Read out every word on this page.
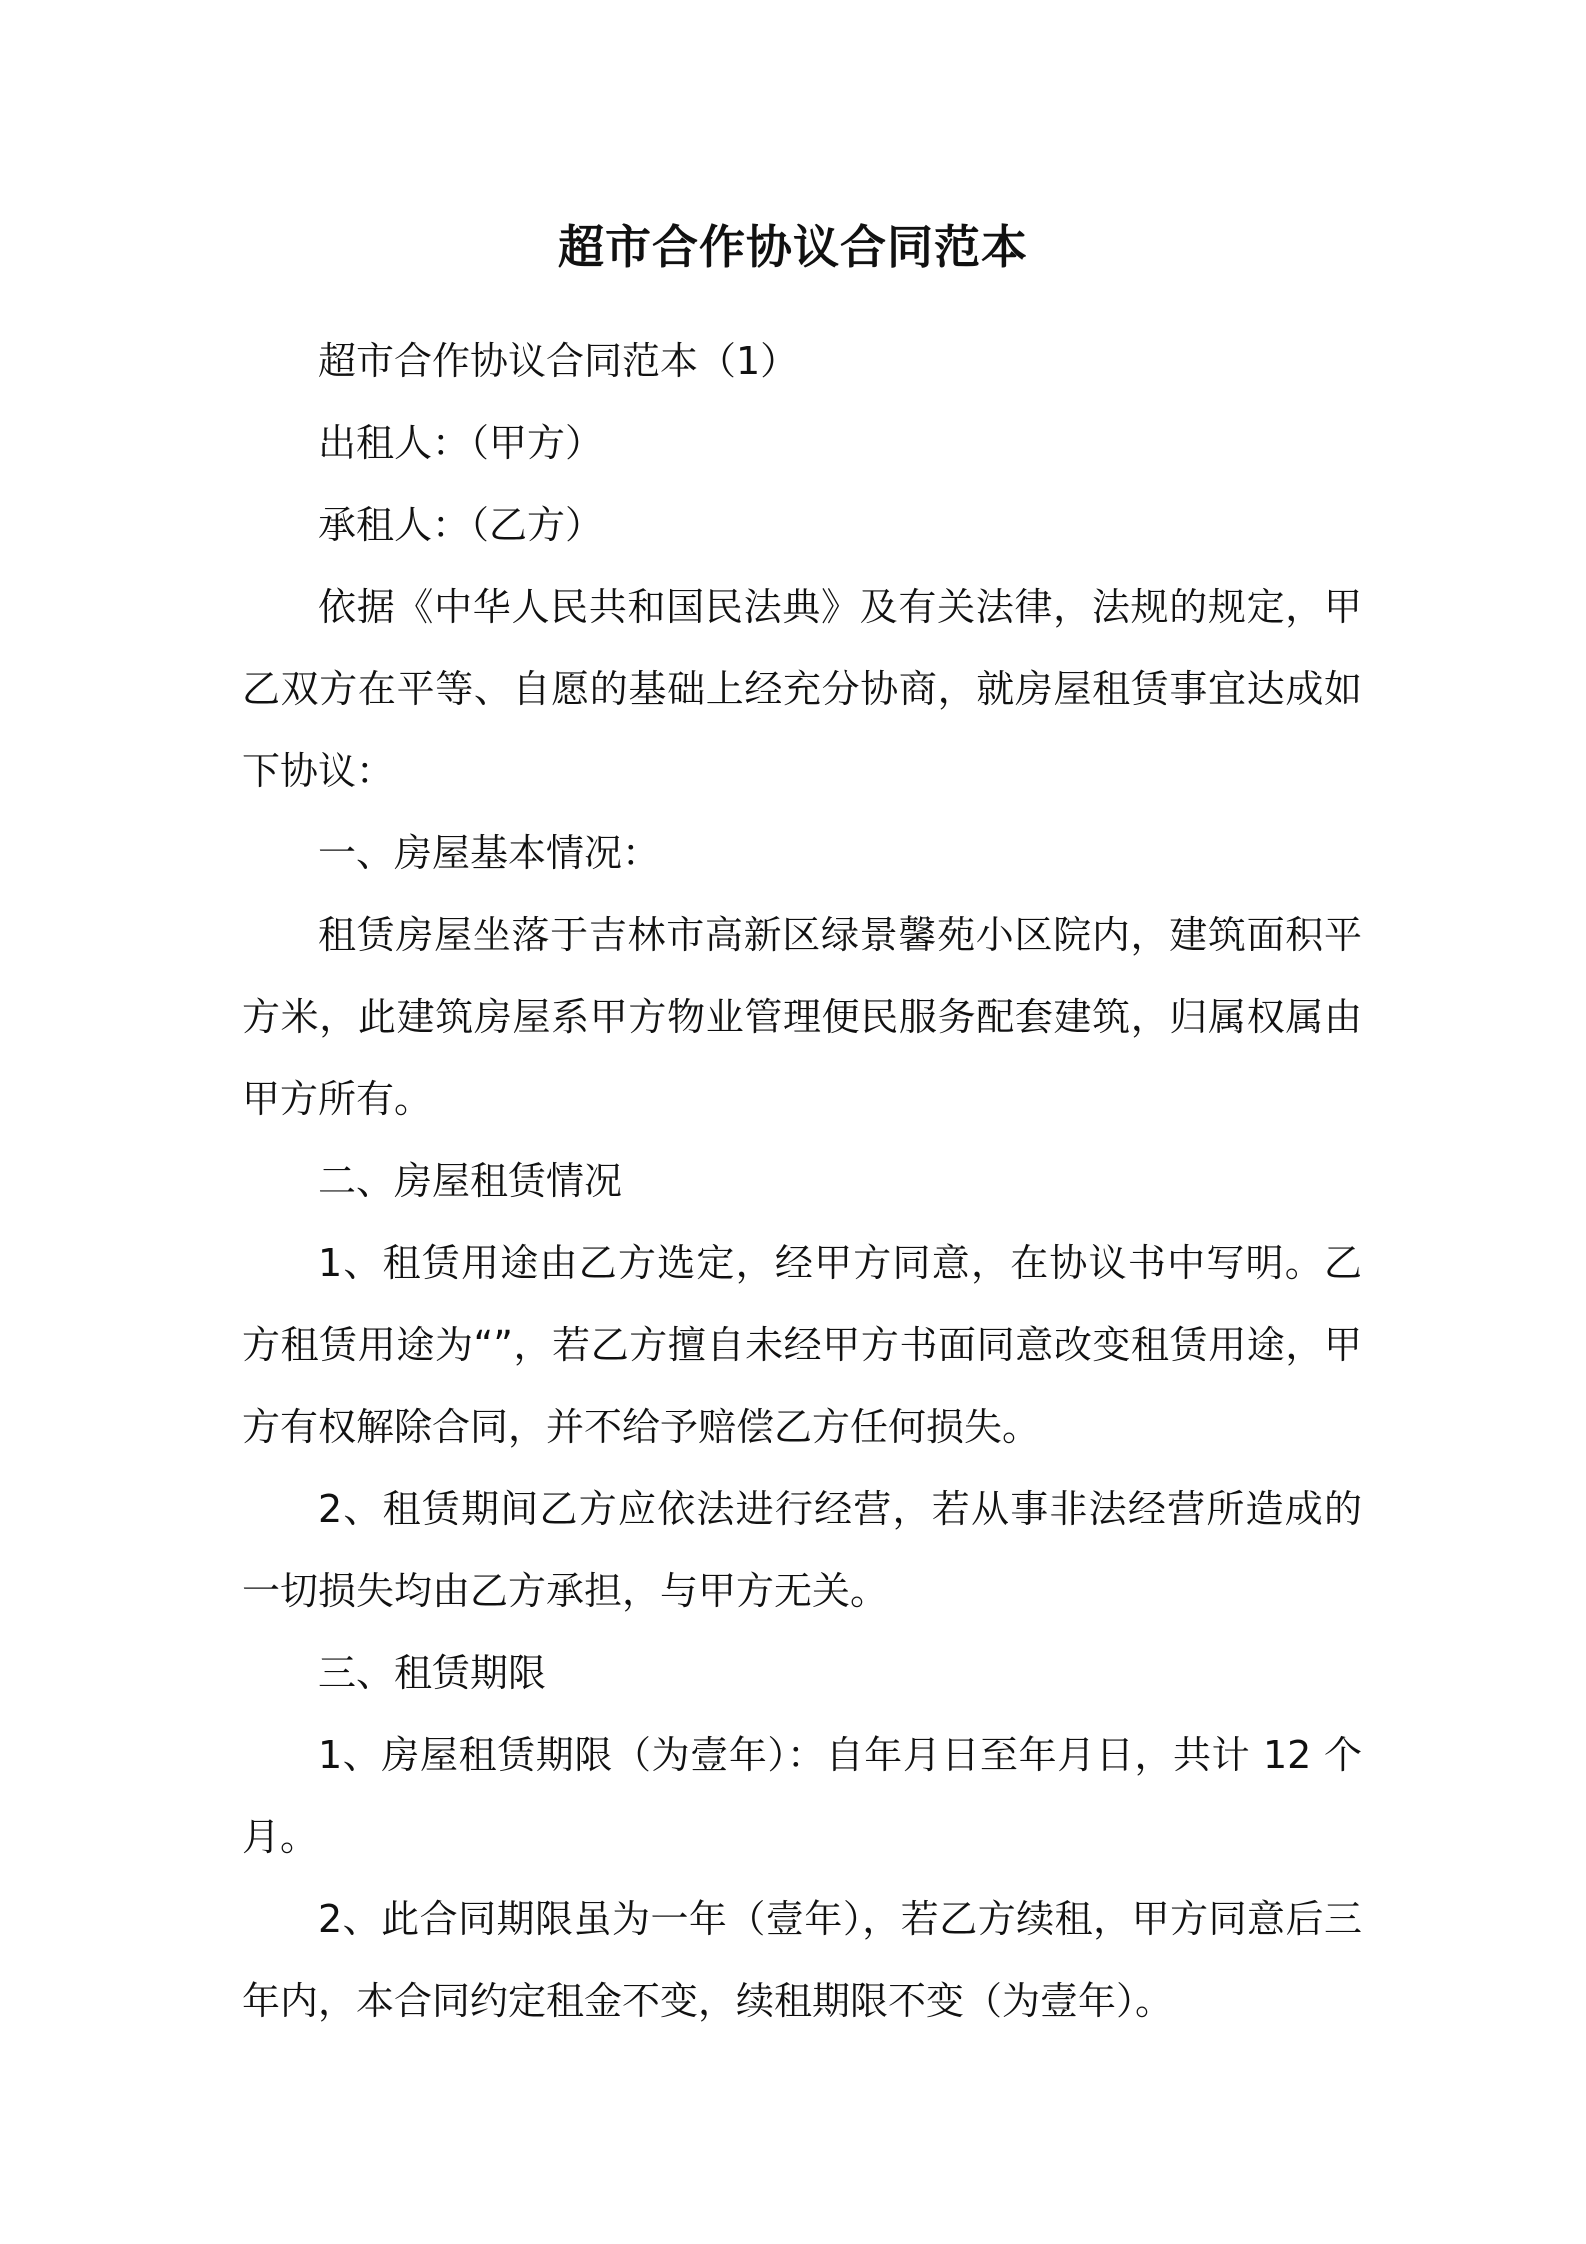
超市合作协议合同范本

超市合作协议合同范本（1）

出租人：（甲方）

承租人：（乙方）

依据《中华人民共和国民法典》及有关法律，法规的规定，甲乙双方在平等、自愿的基础上经充分协商，就房屋租赁事宜达成如下协议：

一、房屋基本情况：

租赁房屋坐落于吉林市高新区绿景馨苑小区院内，建筑面积平方米，此建筑房屋系甲方物业管理便民服务配套建筑，归属权属由甲方所有。

二、房屋租赁情况

1、租赁用途由乙方选定，经甲方同意，在协议书中写明。乙方租赁用途为“”，若乙方擅自未经甲方书面同意改变租赁用途，甲方有权解除合同，并不给予赔偿乙方任何损失。

2、租赁期间乙方应依法进行经营，若从事非法经营所造成的一切损失均由乙方承担，与甲方无关。

三、租赁期限

1、房屋租赁期限（为壹年）：自年月日至年月日，共计 12 个月。

2、此合同期限虽为一年（壹年），若乙方续租，甲方同意后三年内，本合同约定租金不变，续租期限不变（为壹年）。
